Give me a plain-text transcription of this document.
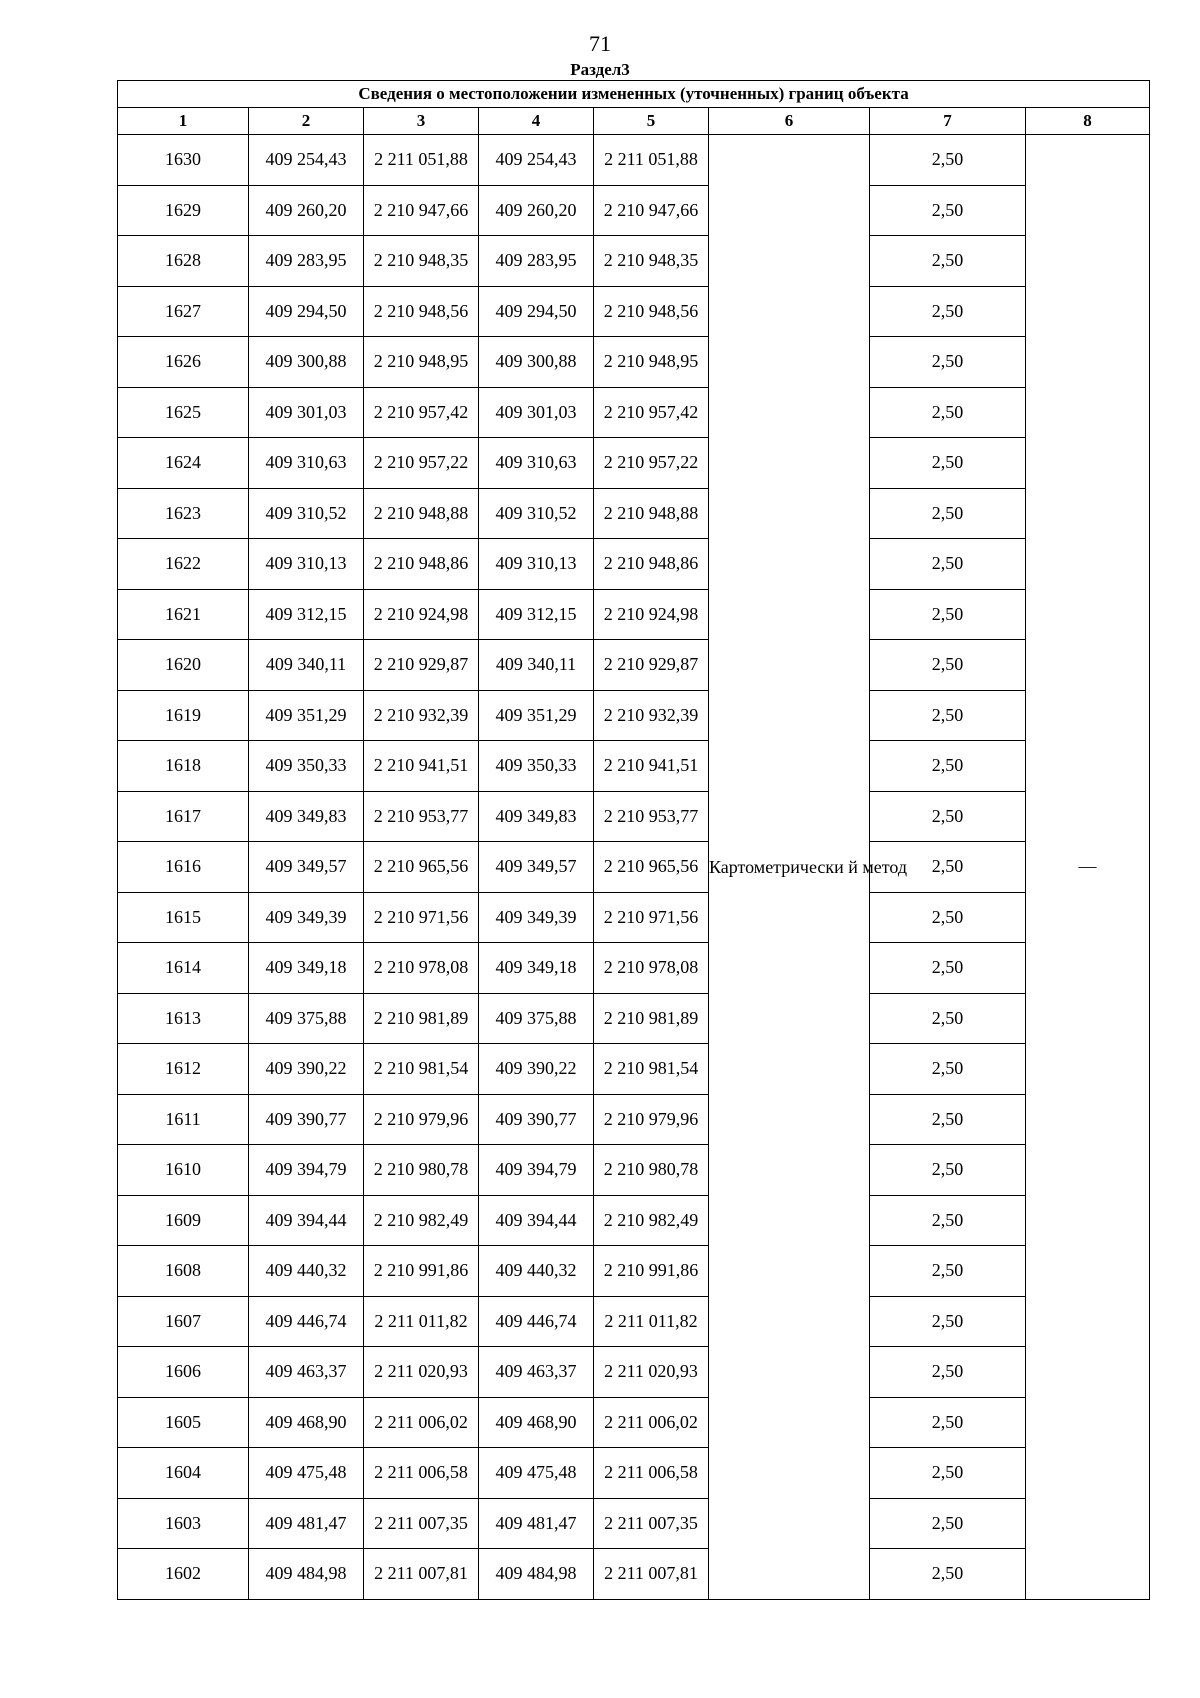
71
Раздел3
Сведения о местоположении измененных (уточненных) границ объекта							
1	2	3	4	5	6	7	8
1630	409 254,43	2 211 051,88	409 254,43	2 211 051,88	Картометрически й метод	2,50	—
1629	409 260,20	2 210 947,66	409 260,20	2 210 947,66		2,50	
1628	409 283,95	2 210 948,35	409 283,95	2 210 948,35		2,50	
1627	409 294,50	2 210 948,56	409 294,50	2 210 948,56		2,50	
1626	409 300,88	2 210 948,95	409 300,88	2 210 948,95		2,50	
1625	409 301,03	2 210 957,42	409 301,03	2 210 957,42		2,50	
1624	409 310,63	2 210 957,22	409 310,63	2 210 957,22		2,50	
1623	409 310,52	2 210 948,88	409 310,52	2 210 948,88		2,50	
1622	409 310,13	2 210 948,86	409 310,13	2 210 948,86		2,50	
1621	409 312,15	2 210 924,98	409 312,15	2 210 924,98		2,50	
1620	409 340,11	2 210 929,87	409 340,11	2 210 929,87		2,50	
1619	409 351,29	2 210 932,39	409 351,29	2 210 932,39		2,50	
1618	409 350,33	2 210 941,51	409 350,33	2 210 941,51		2,50	
1617	409 349,83	2 210 953,77	409 349,83	2 210 953,77		2,50	
1616	409 349,57	2 210 965,56	409 349,57	2 210 965,56		2,50	
1615	409 349,39	2 210 971,56	409 349,39	2 210 971,56		2,50	
1614	409 349,18	2 210 978,08	409 349,18	2 210 978,08		2,50	
1613	409 375,88	2 210 981,89	409 375,88	2 210 981,89		2,50	
1612	409 390,22	2 210 981,54	409 390,22	2 210 981,54		2,50	
1611	409 390,77	2 210 979,96	409 390,77	2 210 979,96		2,50	
1610	409 394,79	2 210 980,78	409 394,79	2 210 980,78		2,50	
1609	409 394,44	2 210 982,49	409 394,44	2 210 982,49		2,50	
1608	409 440,32	2 210 991,86	409 440,32	2 210 991,86		2,50	
1607	409 446,74	2 211 011,82	409 446,74	2 211 011,82		2,50	
1606	409 463,37	2 211 020,93	409 463,37	2 211 020,93		2,50	
1605	409 468,90	2 211 006,02	409 468,90	2 211 006,02		2,50	
1604	409 475,48	2 211 006,58	409 475,48	2 211 006,58		2,50	
1603	409 481,47	2 211 007,35	409 481,47	2 211 007,35		2,50	
1602	409 484,98	2 211 007,81	409 484,98	2 211 007,81		2,50	
